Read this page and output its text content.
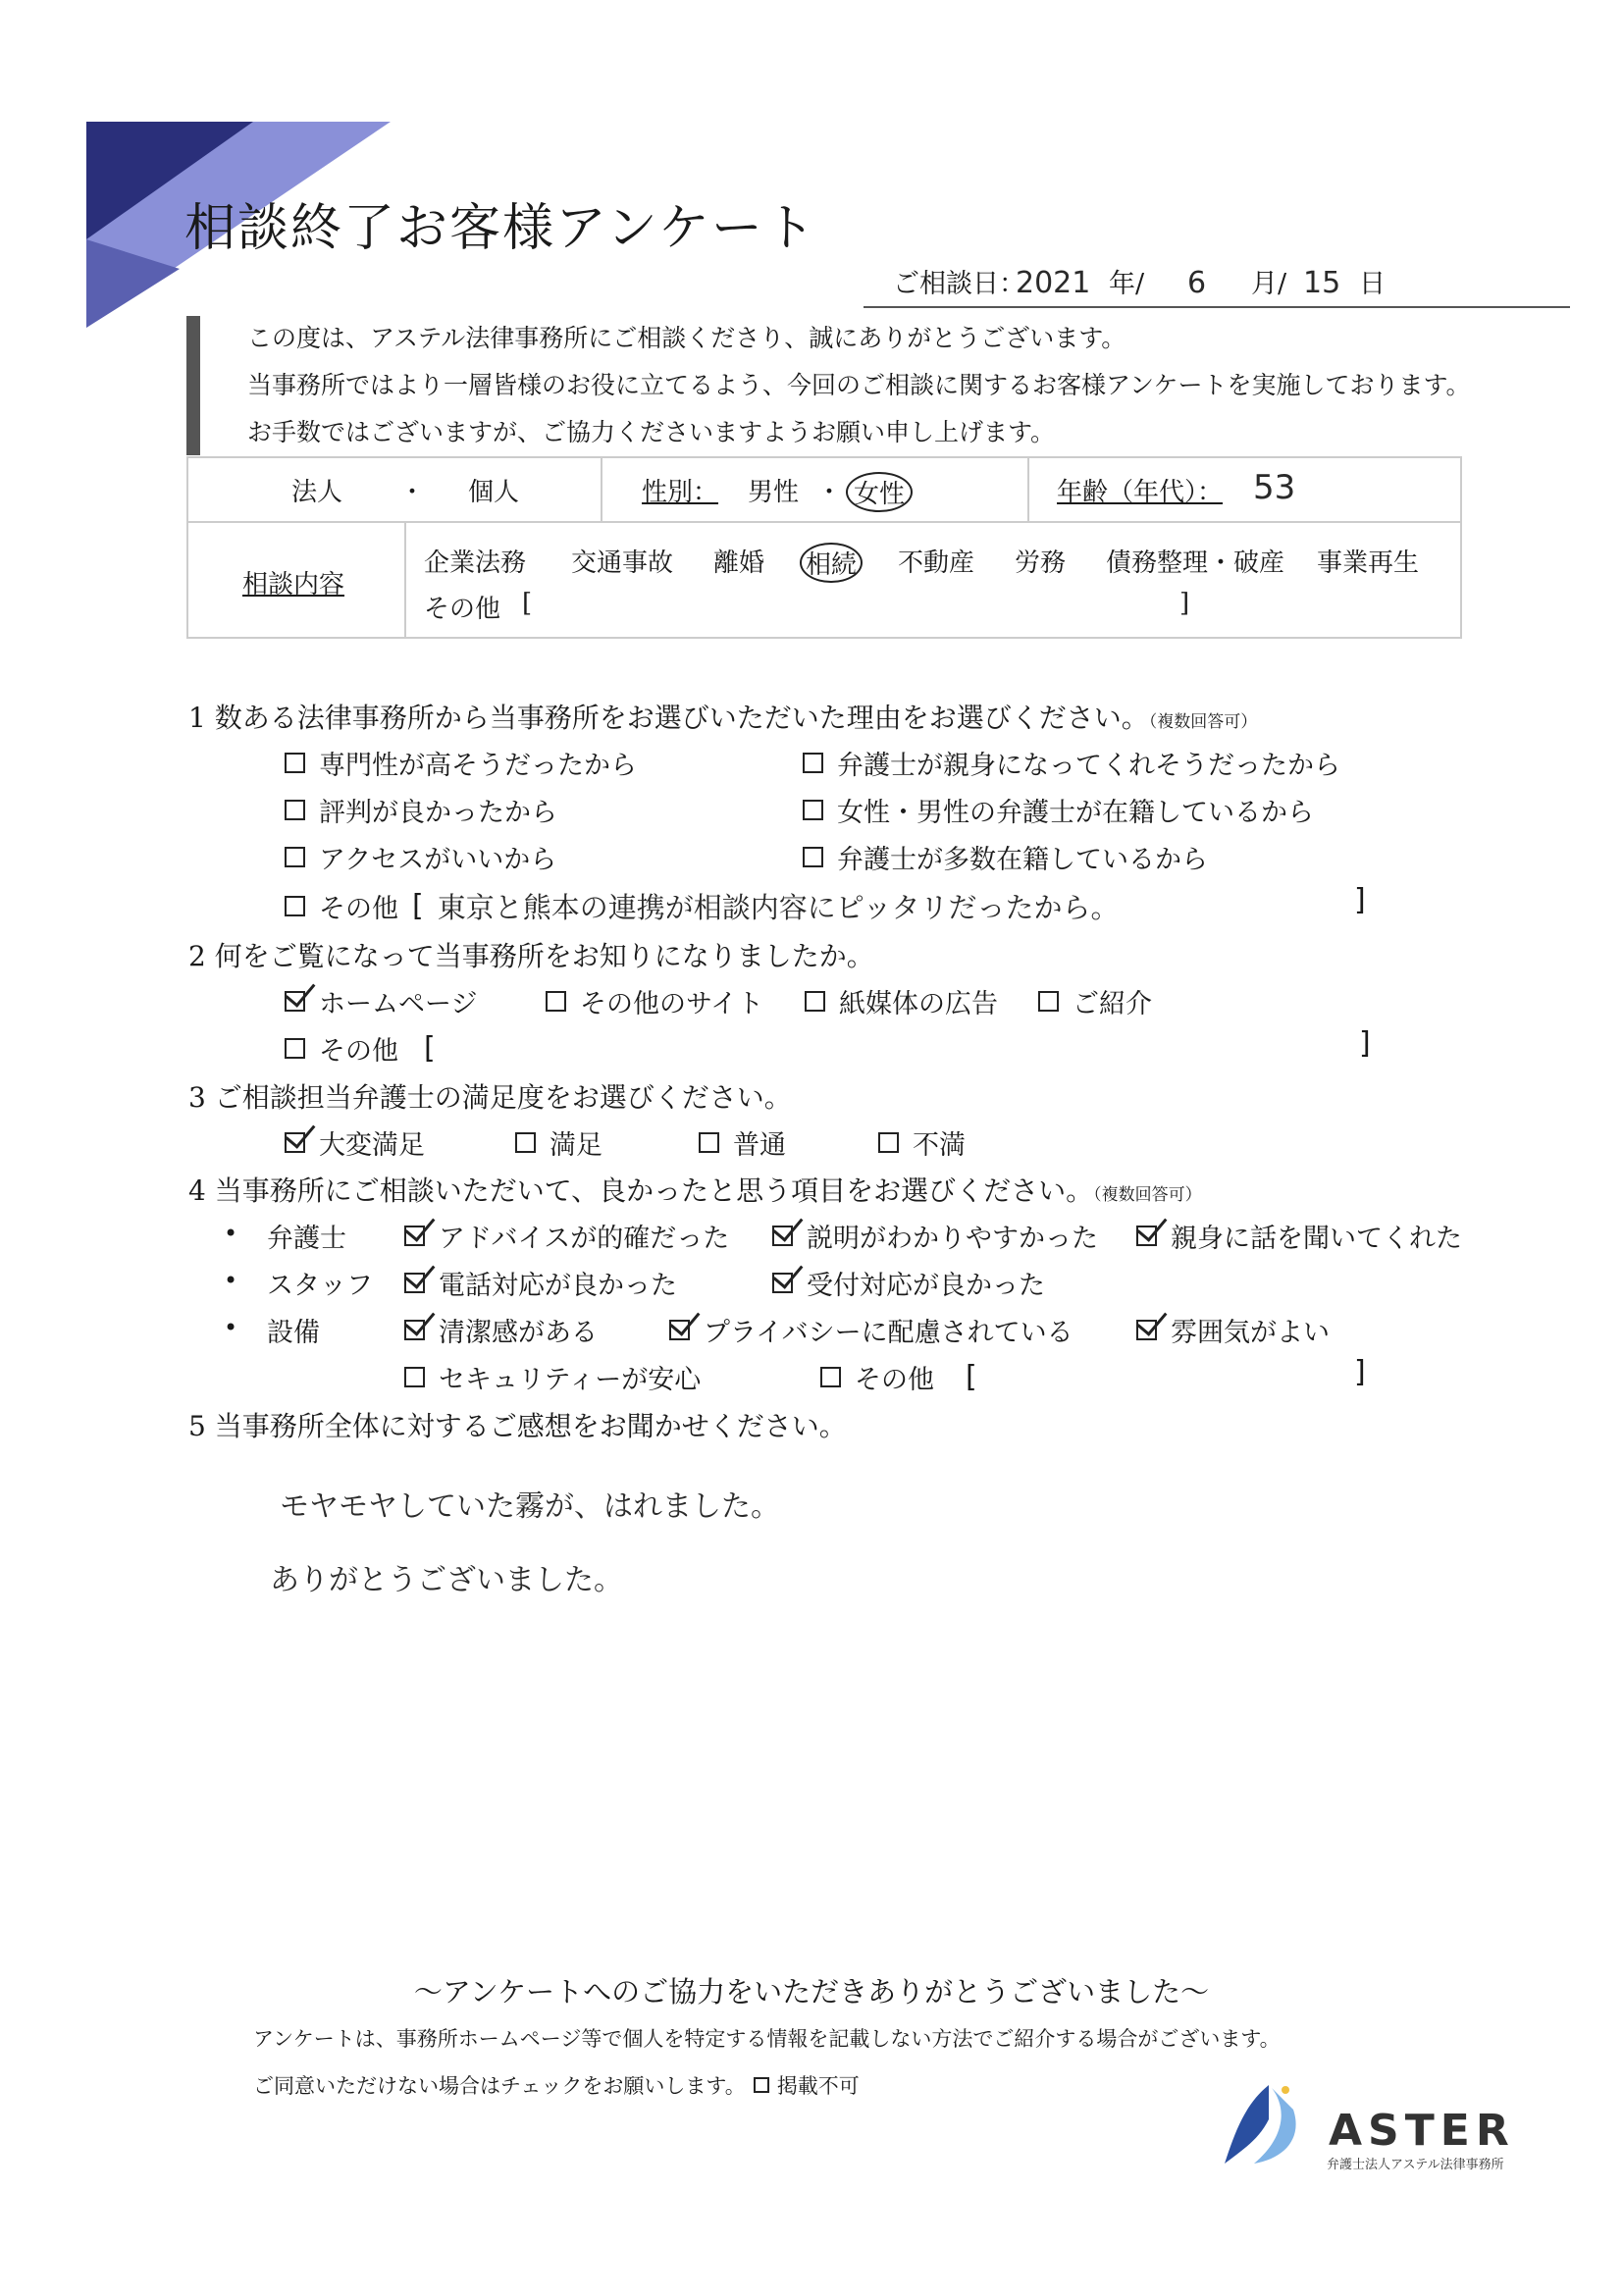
相談終了お客様アンケート
ご相談日：
2021 年/ 6 月/ 15 日
この度は、アステル法律事務所にご相談くださり、誠にありがとうございます。
当事務所ではより一層皆様のお役に立てるよう、今回のご相談に関するお客様アンケートを実施しております。
お手数ではございますが、ご協力くださいますようお願い申し上げます。
法人 ・ 個人	性別： 男性 ・ 女性	年齢（年代）： 53
相談内容
企業法務 交通事故 離婚 相続 不動産 労務 債務整理・破産 事業再生
その他 [	]
1 数ある法律事務所から当事務所をお選びいただいた理由をお選びください。（複数回答可）
専門性が高そうだったから	弁護士が親身になってくれそうだったから
評判が良かったから	女性・男性の弁護士が在籍しているから
アクセスがいいから	弁護士が多数在籍しているから
その他 [ 東京と熊本の連携が相談内容にピッタリだったから。	]
2 何をご覧になって当事務所をお知りになりましたか。
ホームページ	その他のサイト	紙媒体の広告	ご紹介
その他 [	]
3 ご相談担当弁護士の満足度をお選びください。
大変満足	満足	普通	不満
4 当事務所にご相談いただいて、良かったと思う項目をお選びください。（複数回答可）
• 弁護士	アドバイスが的確だった	説明がわかりやすかった	親身に話を聞いてくれた
• スタッフ 電話対応が良かった	受付対応が良かった
• 設備	清潔感がある	プライバシーに配慮されている	雰囲気がよい
セキュリティーが安心	その他 [	]
5 当事務所全体に対するご感想をお聞かせください。
モヤモヤしていた霧が、はれました。
ありがとうございました。
～アンケートへのご協力をいただきありがとうございました～
アンケートは、事務所ホームページ等で個人を特定する情報を記載しない方法でご紹介する場合がございます。
ご同意いただけない場合はチェックをお願いします。 掲載不可
ASTER
弁護士法人アステル法律事務所
